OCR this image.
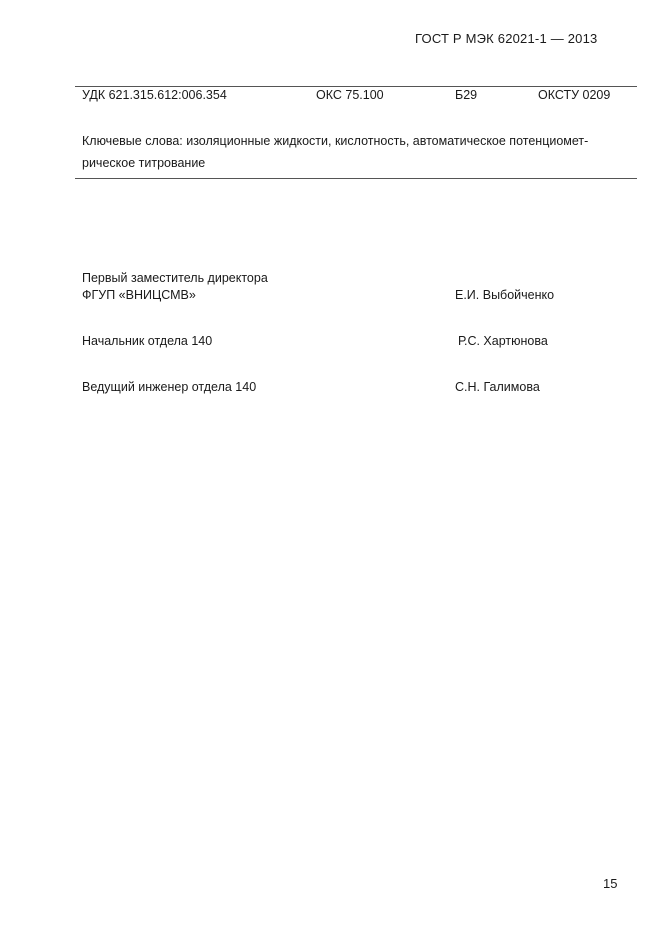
ГОСТ Р МЭК 62021-1 — 2013
УДК 621.315.612:006.354	ОКС 75.100	Б29	ОКСТУ 0209
Ключевые слова: изоляционные жидкости, кислотность, автоматическое потенциомет-
рическое титрование
Первый заместитель директора
ФГУП «ВНИЦСМВ»	Е.И. Выбойченко
Начальник отдела 140	Р.С. Хартюнова
Ведущий инженер отдела 140	С.Н. Галимова
15
